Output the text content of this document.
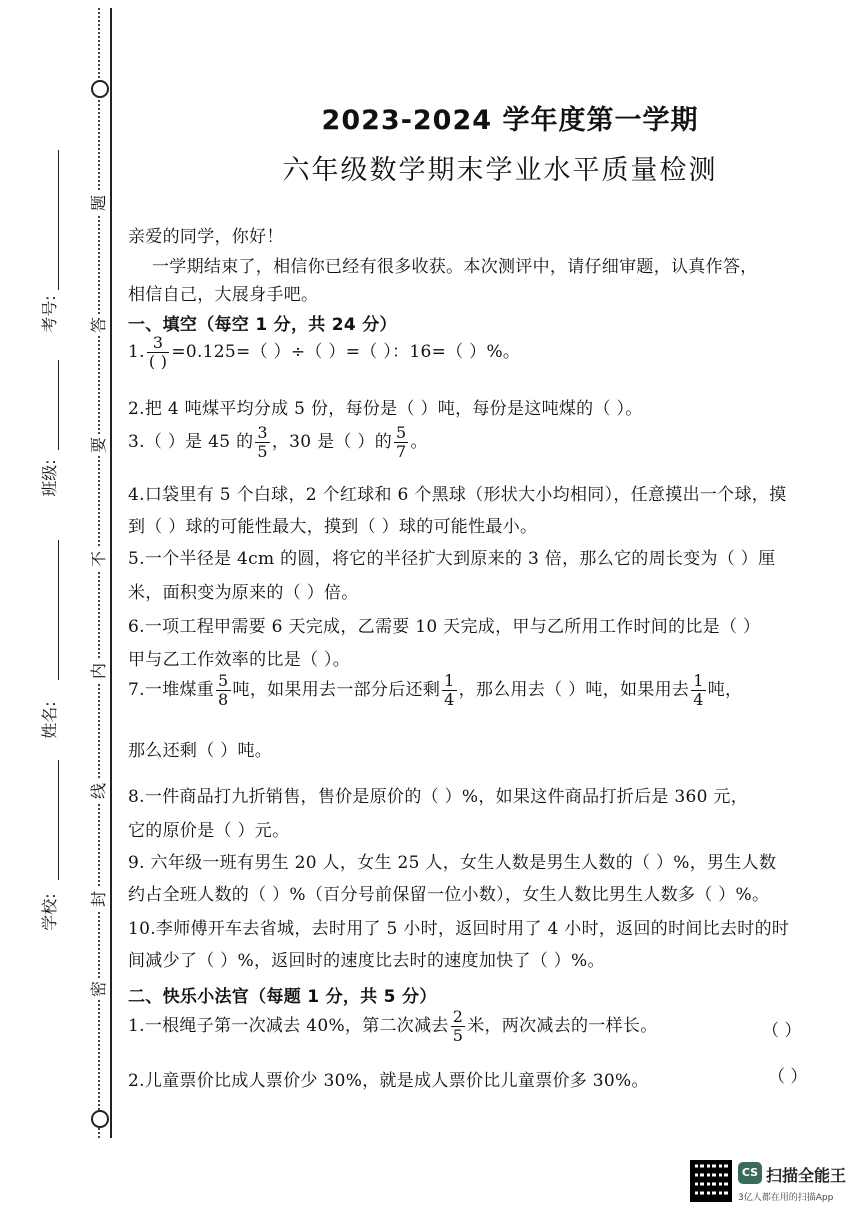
题
答
要
不
内
线
封
密
考号:
班级:
姓名:
学校:
2023-2024 学年度第一学期
六年级数学期末学业水平质量检测
亲爱的同学，你好！
一学期结束了，相信你已经有很多收获。本次测评中，请仔细审题，认真作答，
相信自己，大展身手吧。
一、填空（每空 1 分，共 24 分）
1. $\frac{3}{( )} =0.125=$（ ）÷（ ）=（ ）：16=（ ）%。
2.把 4 吨煤平均分成 5 份，每份是（ ）吨，每份是这吨煤的（ ）。
3.（ ）是 45 的 $\frac{3}{5}$ ，30 是（ ）的 $\frac{5}{7}$ 。
4.口袋里有 5 个白球，2 个红球和 6 个黑球（形状大小均相同），任意摸出一个球，摸
到（ ）球的可能性最大，摸到（ ）球的可能性最小。
5.一个半径是 4cm 的圆，将它的半径扩大到原来的 3 倍，那么它的周长变为（ ）厘
米，面积变为原来的（ ）倍。
6.一项工程甲需要 6 天完成，乙需要 10 天完成，甲与乙所用工作时间的比是（ ）
甲与乙工作效率的比是（ ）。
7.一堆煤重 $\frac{5}{8}$ 吨，如果用去一部分后还剩 $\frac{1}{4}$ ，那么用去（ ）吨，如果用去 $\frac{1}{4}$ 吨，
那么还剩（ ）吨。
8.一件商品打九折销售，售价是原价的（ ）%，如果这件商品打折后是 360 元，
它的原价是（ ）元。
9. 六年级一班有男生 20 人，女生 25 人，女生人数是男生人数的（ ）%，男生人数
约占全班人数的（ ）%（百分号前保留一位小数），女生人数比男生人数多（ ）%。
10.李师傅开车去省城，去时用了 5 小时，返回时用了 4 小时，返回的时间比去时的时
间减少了（ ）%，返回时的速度比去时的速度加快了（ ）%。
二、快乐小法官（每题 1 分，共 5 分）
1.一根绳子第一次减去 40%，第二次减去 $\frac{2}{5}$ 米，两次减去的一样长。	（ ）
2.儿童票价比成人票价少 30%，就是成人票价比儿童票价多 30%。	（ ）
CS 扫描全能王
3亿人都在用的扫描App
